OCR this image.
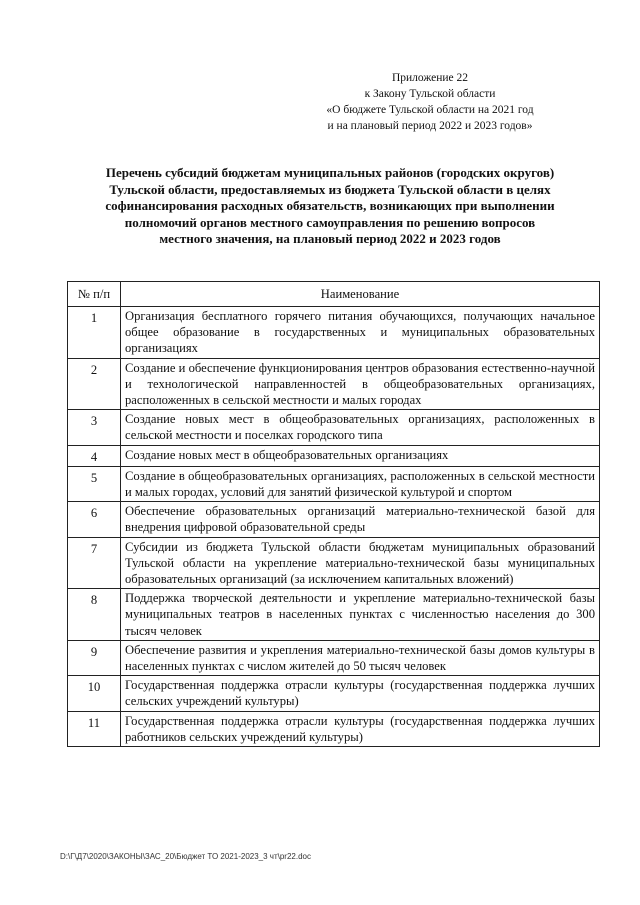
Приложение 22
к Закону Тульской области
«О бюджете Тульской области на 2021 год
и на плановый период 2022 и 2023 годов»
Перечень субсидий бюджетам муниципальных районов (городских округов)
Тульской области, предоставляемых из бюджета Тульской области в целях
софинансирования расходных обязательств, возникающих при выполнении
полномочий органов местного самоуправления по решению вопросов
местного значения, на плановый период 2022 и 2023 годов
№ п/п	Наименование
1	Организация бесплатного горячего питания обучающихся, получающих начальное общее образование в государственных и муниципальных образовательных организациях
2	Создание и обеспечение функционирования центров образования естественно-научной и технологической направленностей в общеобразовательных организациях, расположенных в сельской местности и малых городах
3	Создание новых мест в общеобразовательных организациях, расположенных в сельской местности и поселках городского типа
4	Создание новых мест в общеобразовательных организациях
5	Создание в общеобразовательных организациях, расположенных в сельской местности и малых городах, условий для занятий физической культурой и спортом
6	Обеспечение образовательных организаций материально-технической базой для внедрения цифровой образовательной среды
7	Субсидии из бюджета Тульской области бюджетам муниципальных образований Тульской области на укрепление материально-технической базы муниципальных образовательных организаций (за исключением капитальных вложений)
8	Поддержка творческой деятельности и укрепление материально-технической базы муниципальных театров в населенных пунктах с численностью населения до 300 тысяч человек
9	Обеспечение развития и укрепления материально-технической базы домов культуры в населенных пунктах с числом жителей до 50 тысяч человек
10	Государственная поддержка отрасли культуры (государственная поддержка лучших сельских учреждений культуры)
11	Государственная поддержка отрасли культуры (государственная поддержка лучших работников сельских учреждений культуры)
D:\Г\Д7\2020\ЗАКОНЫ\ЗАС_20\Бюджет ТО 2021-2023_3 чт\pr22.doc
